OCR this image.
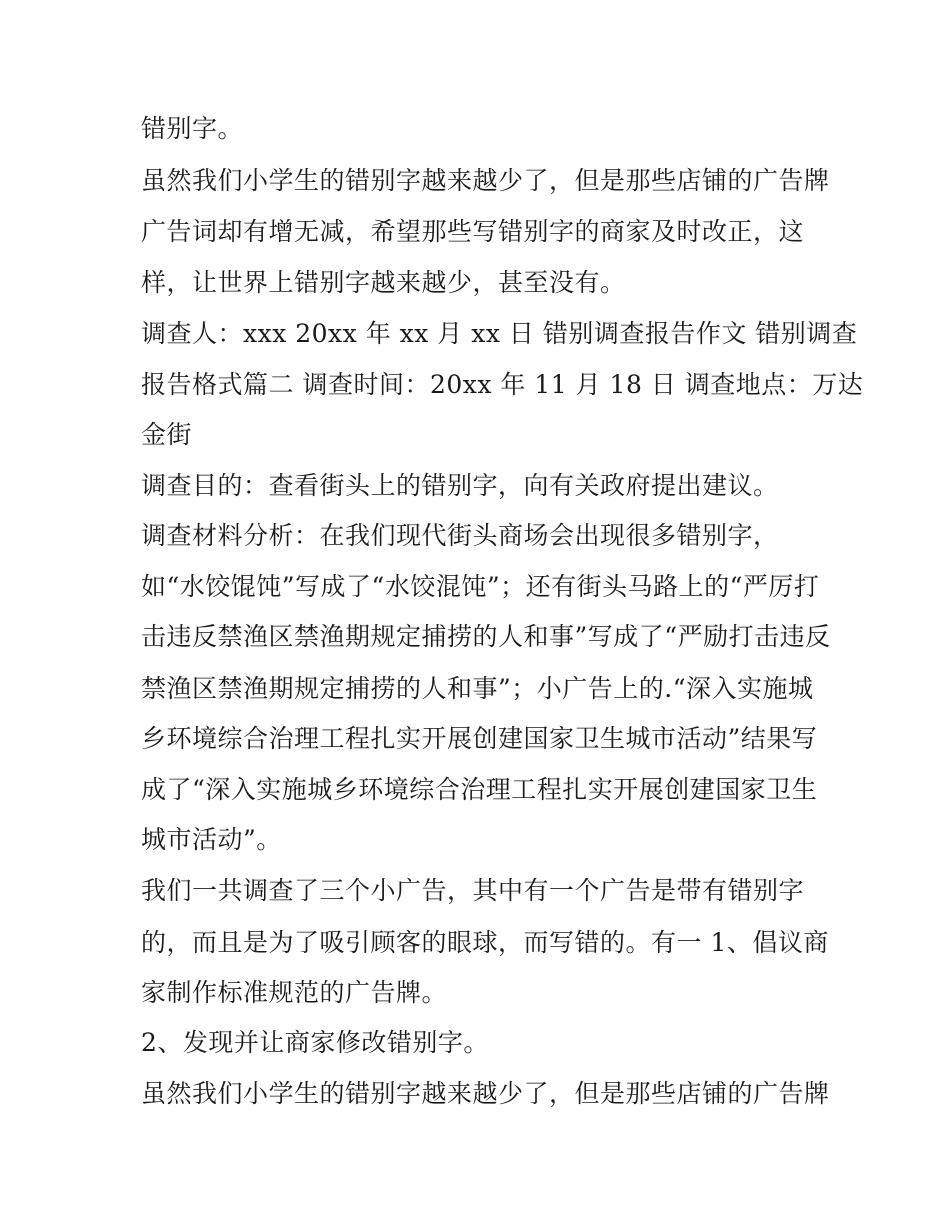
错别字。

虽然我们小学生的错别字越来越少了，但是那些店铺的广告牌

广告词却有增无减，希望那些写错别字的商家及时改正，这

样，让世界上错别字越来越少，甚至没有。

调查人：xxx 20xx 年 xx 月 xx 日 错别调查报告作文 错别调查

报告格式篇二 调查时间：20xx 年 11 月 18 日 调查地点：万达

金街

调查目的：查看街头上的错别字，向有关政府提出建议。

调查材料分析：在我们现代街头商场会出现很多错别字，

如“水饺馄饨”写成了“水饺混饨”；还有街头马路上的“严厉打

击违反禁渔区禁渔期规定捕捞的人和事”写成了“严励打击违反

禁渔区禁渔期规定捕捞的人和事”；小广告上的.“深入实施城

乡环境综合治理工程扎实开展创建国家卫生城市活动”结果写

成了“深入实施城乡环境综合治理工程扎实开展创建国家卫生

城市活动”。

我们一共调查了三个小广告，其中有一个广告是带有错别字

的，而且是为了吸引顾客的眼球，而写错的。有一 1、倡议商

家制作标准规范的广告牌。

2、发现并让商家修改错别字。

虽然我们小学生的错别字越来越少了，但是那些店铺的广告牌
